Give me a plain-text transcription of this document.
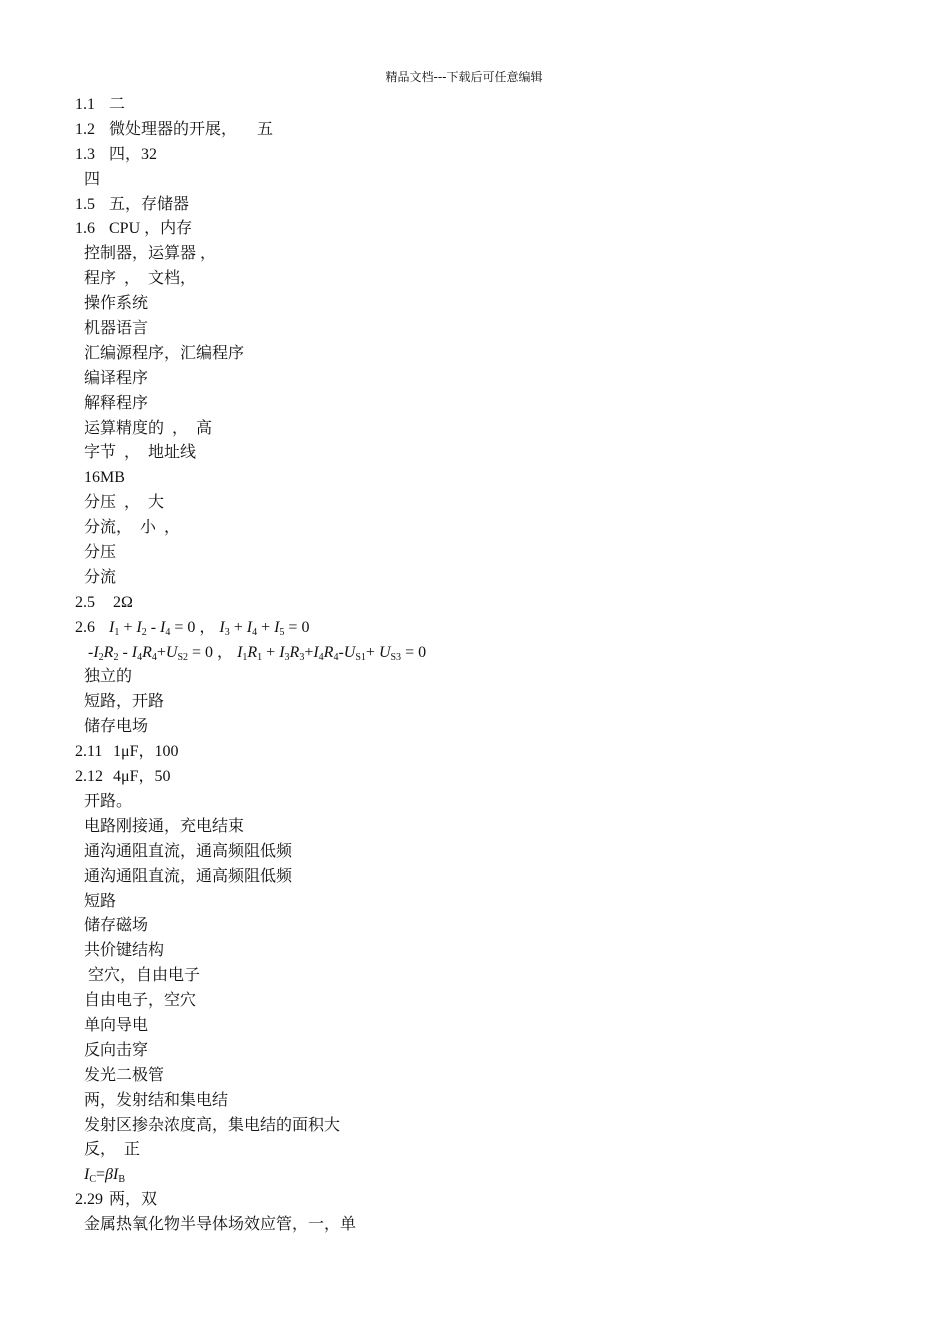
精品文档---下载后可任意编辑
1.1 二
1.2 微处理器的开展，     五
1.3 四，32
四
1.5 五，存储器
1.6 CPU ，内存
控制器，运算器 ，
程序  ，  文档，
操作系统
机器语言
汇编源程序，汇编程序
编译程序
解释程序
运算精度的  ，  高
字节  ，  地址线
16MB
分压  ，  大
分流，  小  ，
分压
分流
2.5  2Ω
2.6 $I_1 + I_2 - I_4 = 0$ ， $I_3 + I_4 + I_5 = 0$
$-I_2R_2 - I_4R_4+U_{S2} = 0$ ， $I_1R_1 + I_3R_3+I_4R_4-U_{S1}+ U_{S3} = 0$
独立的
短路，开路
储存电场
2.11  1μF，100
2.12  4μF，50
开路。
电路刚接通，充电结束
通沟通阻直流，通高频阻低频
通沟通阻直流，通高频阻低频
短路
储存磁场
共价键结构
空穴，自由电子
自由电子，空穴
单向导电
反向击穿
发光二极管
两，发射结和集电结
发射区掺杂浓度高，集电结的面积大
反，  正
$I_C=\beta I_B$
2.29 两，双
金属热氧化物半导体场效应管，一，单
